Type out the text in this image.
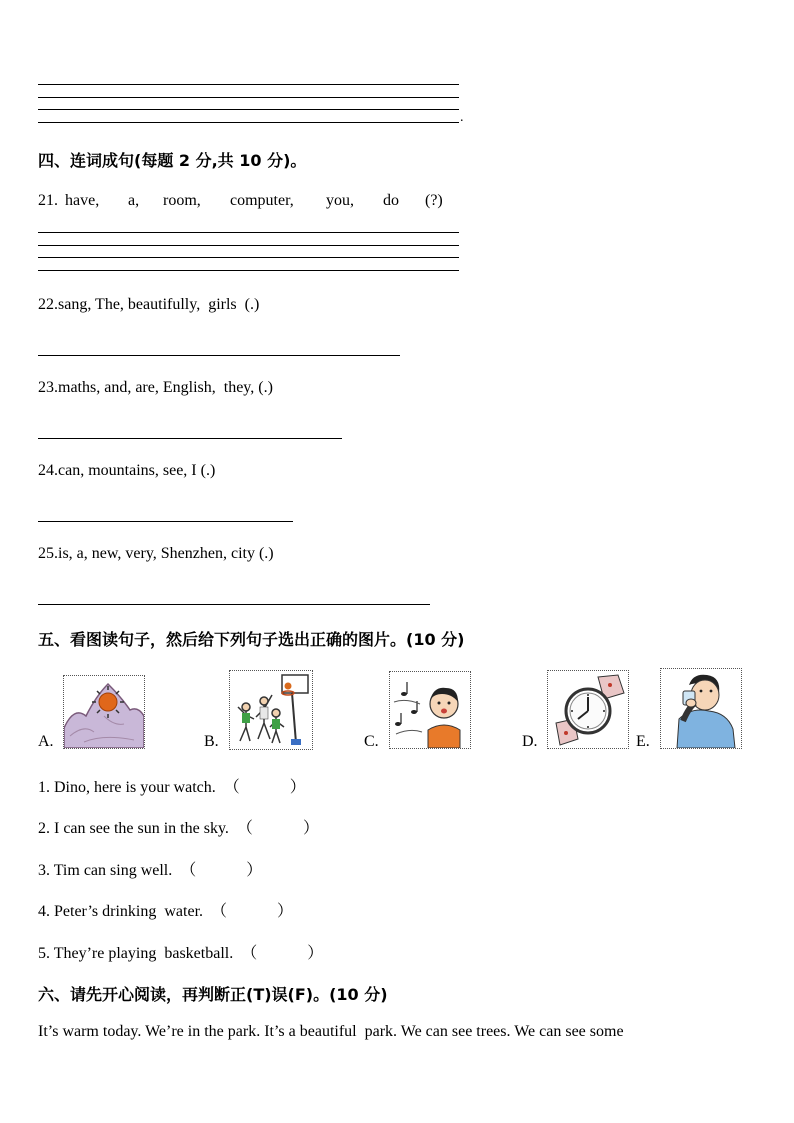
.
四、连词成句(每题 2 分,共 10 分)。
21. have, a, room, computer, you, do (?)
22.sang, The, beautifully,  girls  (.)
23.maths, and, are, English,  they, (.)
24.can, mountains, see, I (.)
25.is, a, new, very, Shenzhen, city (.)
五、看图读句子，然后给下列句子选出正确的图片。(10 分)
A.	B.	C.	D.	E.
1. Dino, here is your watch. （	）
2. I can see the sun in the sky. （	）
3. Tim can sing well. （	）
4. Peter’s drinking  water. （	）
5. They’re playing  basketball. （	）
六、请先开心阅读，再判断正(T)误(F)。(10 分)
It’s warm today. We’re in the park. It’s a beautiful  park. We can see trees. We can see some
